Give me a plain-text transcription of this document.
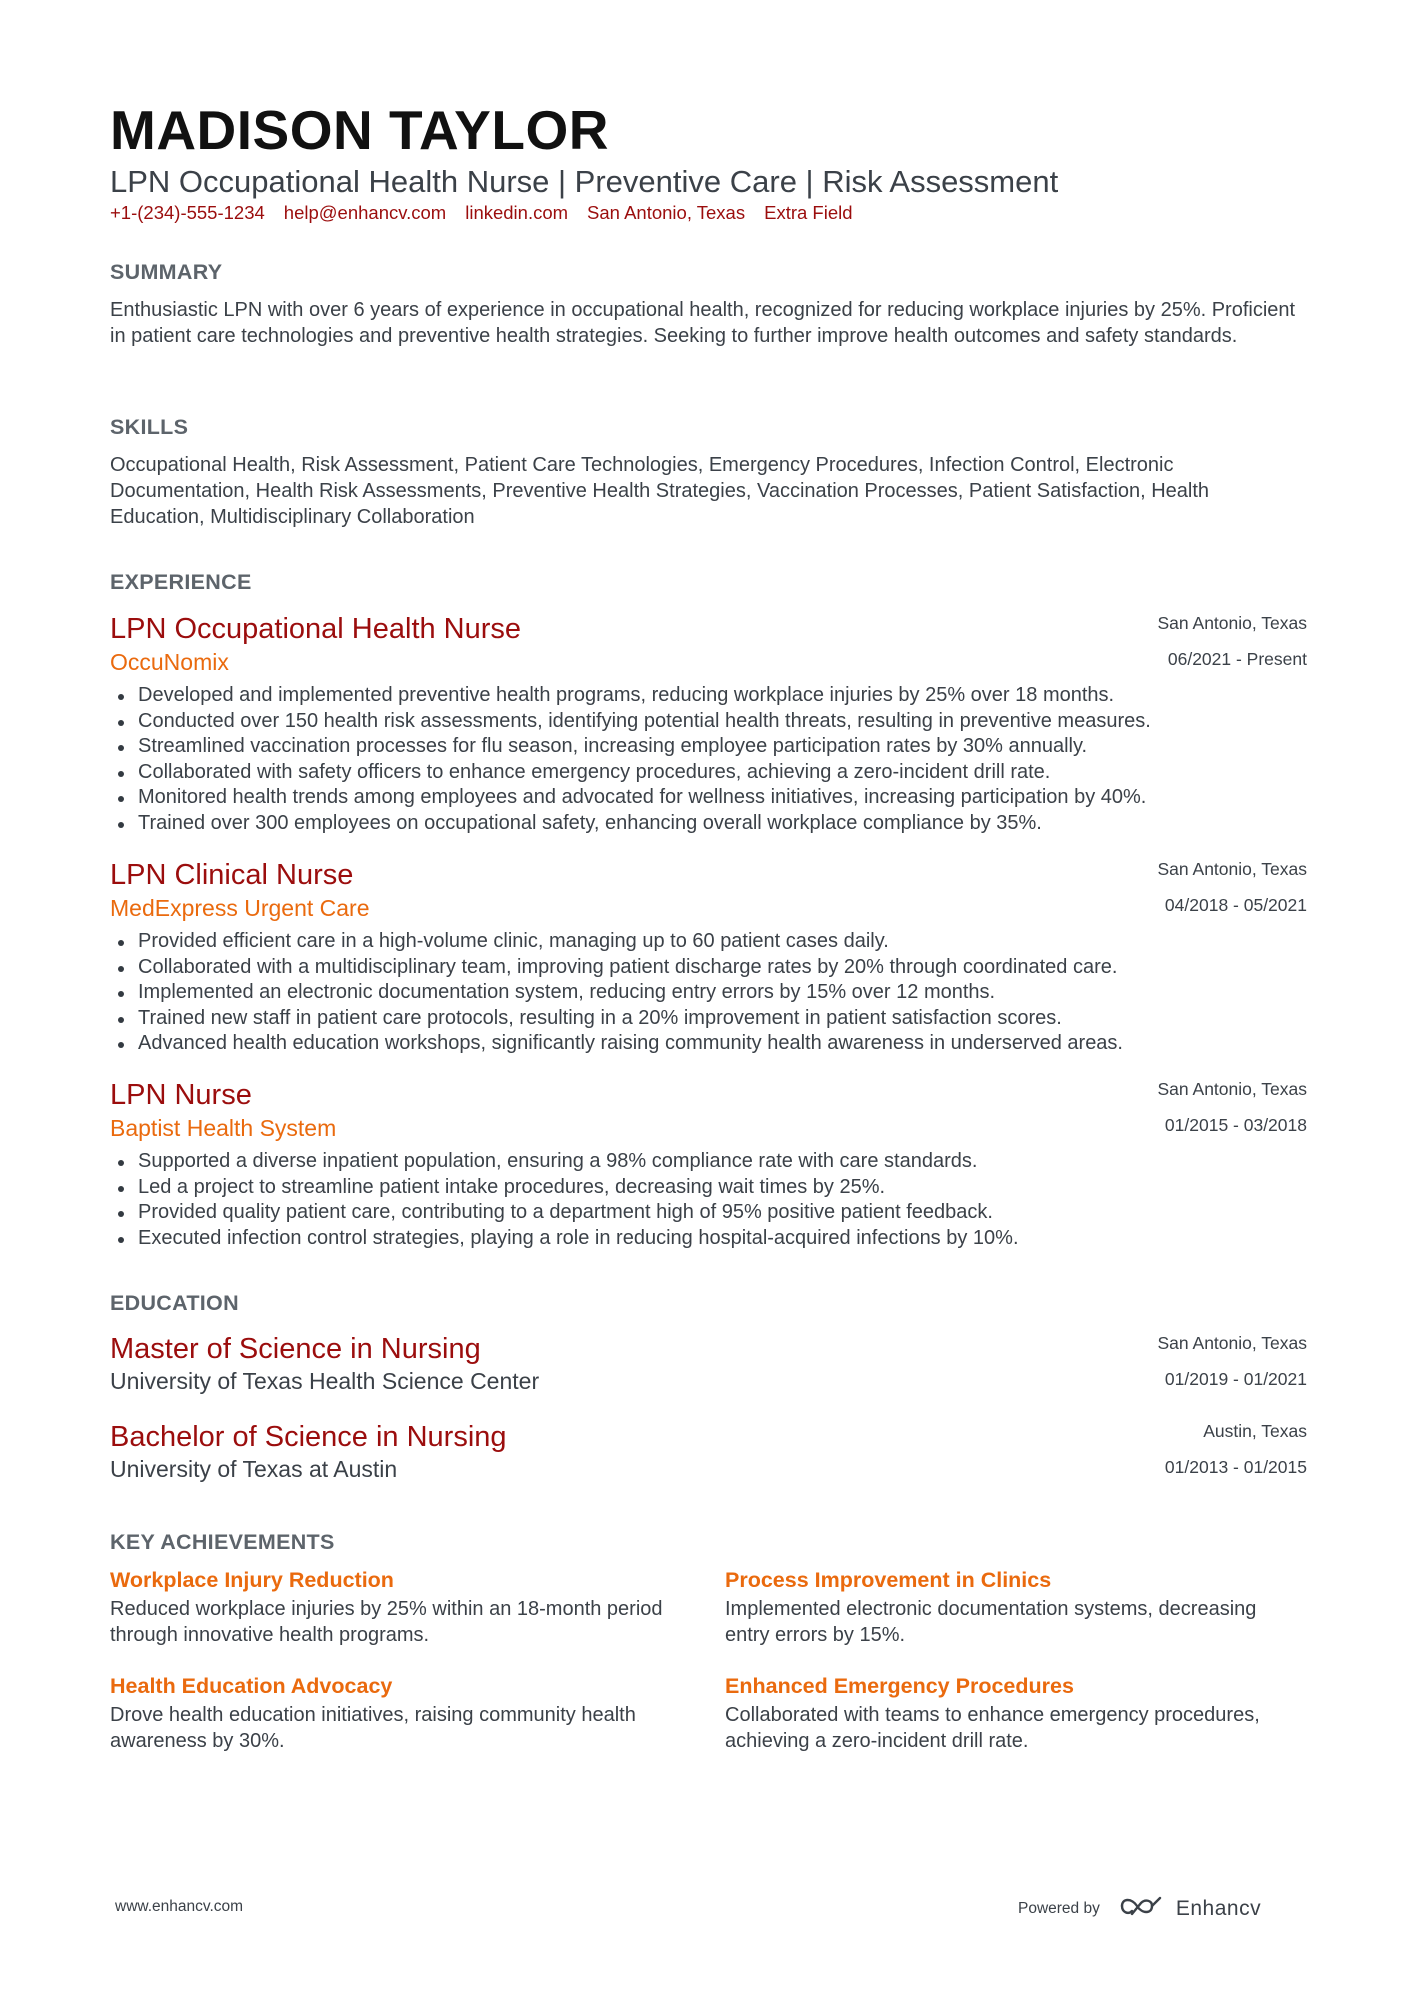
MADISON TAYLOR
LPN Occupational Health Nurse | Preventive Care | Risk Assessment
+1-(234)-555-1234 help@enhancv.com linkedin.com San Antonio, Texas Extra Field
SUMMARY
Enthusiastic LPN with over 6 years of experience in occupational health, recognized for reducing workplace injuries by 25%. Proficient in patient care technologies and preventive health strategies. Seeking to further improve health outcomes and safety standards.
SKILLS
Occupational Health, Risk Assessment, Patient Care Technologies, Emergency Procedures, Infection Control, Electronic Documentation, Health Risk Assessments, Preventive Health Strategies, Vaccination Processes, Patient Satisfaction, Health Education, Multidisciplinary Collaboration
EXPERIENCE
LPN Occupational Health Nurse	San Antonio, Texas
OccuNomix	06/2021 - Present
Developed and implemented preventive health programs, reducing workplace injuries by 25% over 18 months.
Conducted over 150 health risk assessments, identifying potential health threats, resulting in preventive measures.
Streamlined vaccination processes for flu season, increasing employee participation rates by 30% annually.
Collaborated with safety officers to enhance emergency procedures, achieving a zero-incident drill rate.
Monitored health trends among employees and advocated for wellness initiatives, increasing participation by 40%.
Trained over 300 employees on occupational safety, enhancing overall workplace compliance by 35%.
LPN Clinical Nurse	San Antonio, Texas
MedExpress Urgent Care	04/2018 - 05/2021
Provided efficient care in a high-volume clinic, managing up to 60 patient cases daily.
Collaborated with a multidisciplinary team, improving patient discharge rates by 20% through coordinated care.
Implemented an electronic documentation system, reducing entry errors by 15% over 12 months.
Trained new staff in patient care protocols, resulting in a 20% improvement in patient satisfaction scores.
Advanced health education workshops, significantly raising community health awareness in underserved areas.
LPN Nurse	San Antonio, Texas
Baptist Health System	01/2015 - 03/2018
Supported a diverse inpatient population, ensuring a 98% compliance rate with care standards.
Led a project to streamline patient intake procedures, decreasing wait times by 25%.
Provided quality patient care, contributing to a department high of 95% positive patient feedback.
Executed infection control strategies, playing a role in reducing hospital-acquired infections by 10%.
EDUCATION
Master of Science in Nursing	San Antonio, Texas
University of Texas Health Science Center	01/2019 - 01/2021
Bachelor of Science in Nursing	Austin, Texas
University of Texas at Austin	01/2013 - 01/2015
KEY ACHIEVEMENTS
Workplace Injury Reduction
Reduced workplace injuries by 25% within an 18-month period through innovative health programs.
Process Improvement in Clinics
Implemented electronic documentation systems, decreasing entry errors by 15%.
Health Education Advocacy
Drove health education initiatives, raising community health awareness by 30%.
Enhanced Emergency Procedures
Collaborated with teams to enhance emergency procedures, achieving a zero-incident drill rate.
www.enhancv.com	Powered by	Enhancv
